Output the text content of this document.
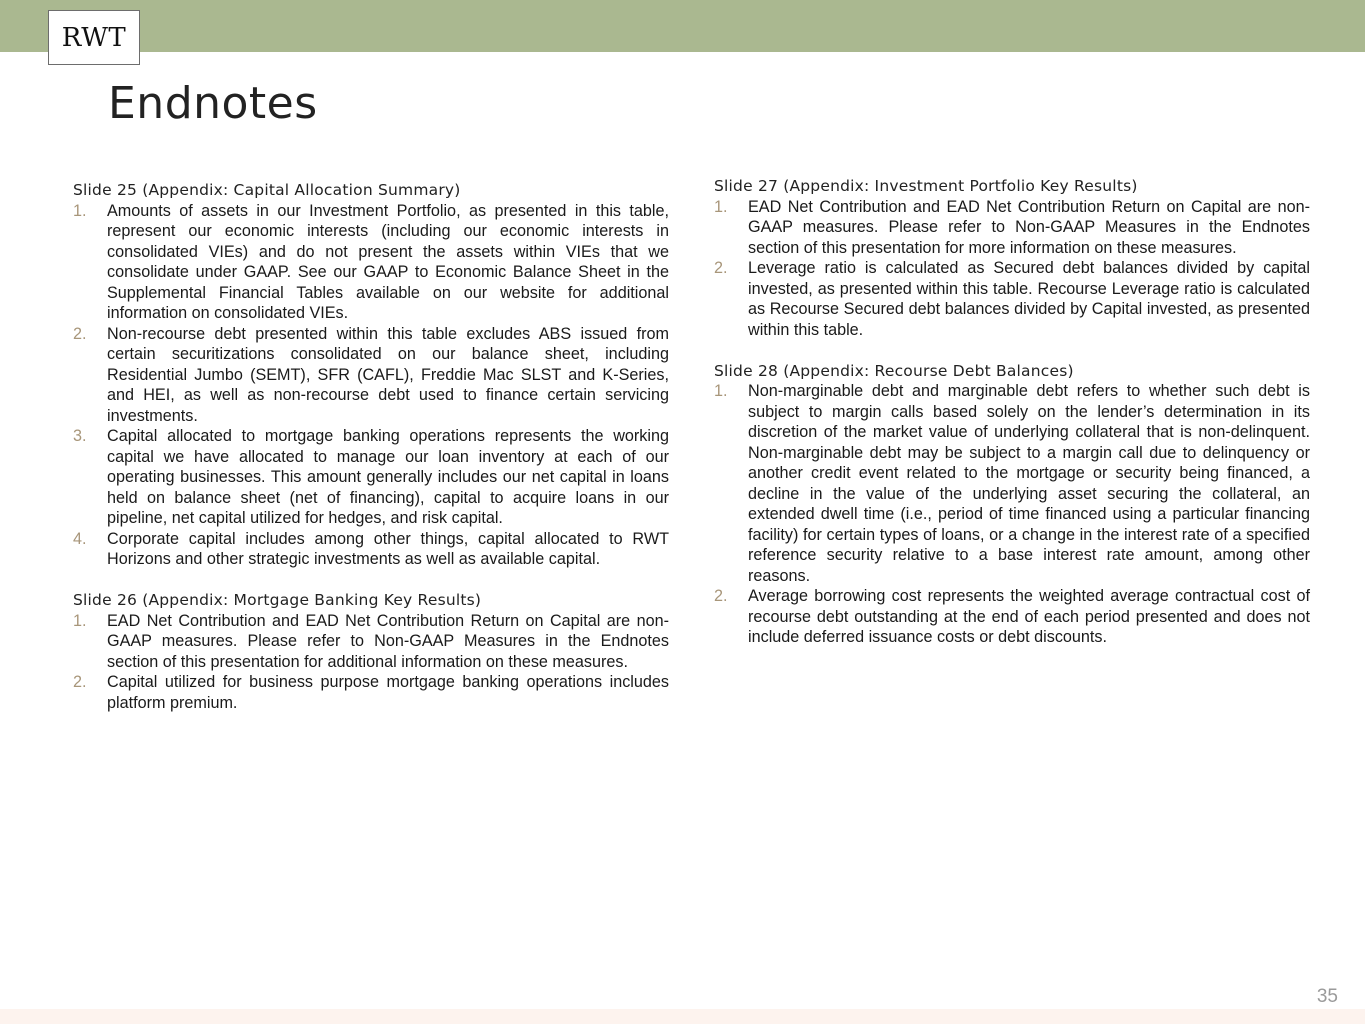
RWT
Endnotes
Slide 25 (Appendix: Capital Allocation Summary)
1. Amounts of assets in our Investment Portfolio, as presented in this table, represent our economic interests (including our economic interests in consolidated VIEs) and do not present the assets within VIEs that we consolidate under GAAP. See our GAAP to Economic Balance Sheet in the Supplemental Financial Tables available on our website for additional information on consolidated VIEs.
2. Non-recourse debt presented within this table excludes ABS issued from certain securitizations consolidated on our balance sheet, including Residential Jumbo (SEMT), SFR (CAFL), Freddie Mac SLST and K-Series, and HEI, as well as non-recourse debt used to finance certain servicing investments.
3. Capital allocated to mortgage banking operations represents the working capital we have allocated to manage our loan inventory at each of our operating businesses. This amount generally includes our net capital in loans held on balance sheet (net of financing), capital to acquire loans in our pipeline, net capital utilized for hedges, and risk capital.
4. Corporate capital includes among other things, capital allocated to RWT Horizons and other strategic investments as well as available capital.
Slide 26 (Appendix: Mortgage Banking Key Results)
1. EAD Net Contribution and EAD Net Contribution Return on Capital are non-GAAP measures. Please refer to Non-GAAP Measures in the Endnotes section of this presentation for additional information on these measures.
2. Capital utilized for business purpose mortgage banking operations includes platform premium.
Slide 27 (Appendix: Investment Portfolio Key Results)
1. EAD Net Contribution and EAD Net Contribution Return on Capital are non-GAAP measures. Please refer to Non-GAAP Measures in the Endnotes section of this presentation for more information on these measures.
2. Leverage ratio is calculated as Secured debt balances divided by capital invested, as presented within this table. Recourse Leverage ratio is calculated as Recourse Secured debt balances divided by Capital invested, as presented within this table.
Slide 28 (Appendix: Recourse Debt Balances)
1. Non-marginable debt and marginable debt refers to whether such debt is subject to margin calls based solely on the lender’s determination in its discretion of the market value of underlying collateral that is non-delinquent. Non-marginable debt may be subject to a margin call due to delinquency or another credit event related to the mortgage or security being financed, a decline in the value of the underlying asset securing the collateral, an extended dwell time (i.e., period of time financed using a particular financing facility) for certain types of loans, or a change in the interest rate of a specified reference security relative to a base interest rate amount, among other reasons.
2. Average borrowing cost represents the weighted average contractual cost of recourse debt outstanding at the end of each period presented and does not include deferred issuance costs or debt discounts.
35
